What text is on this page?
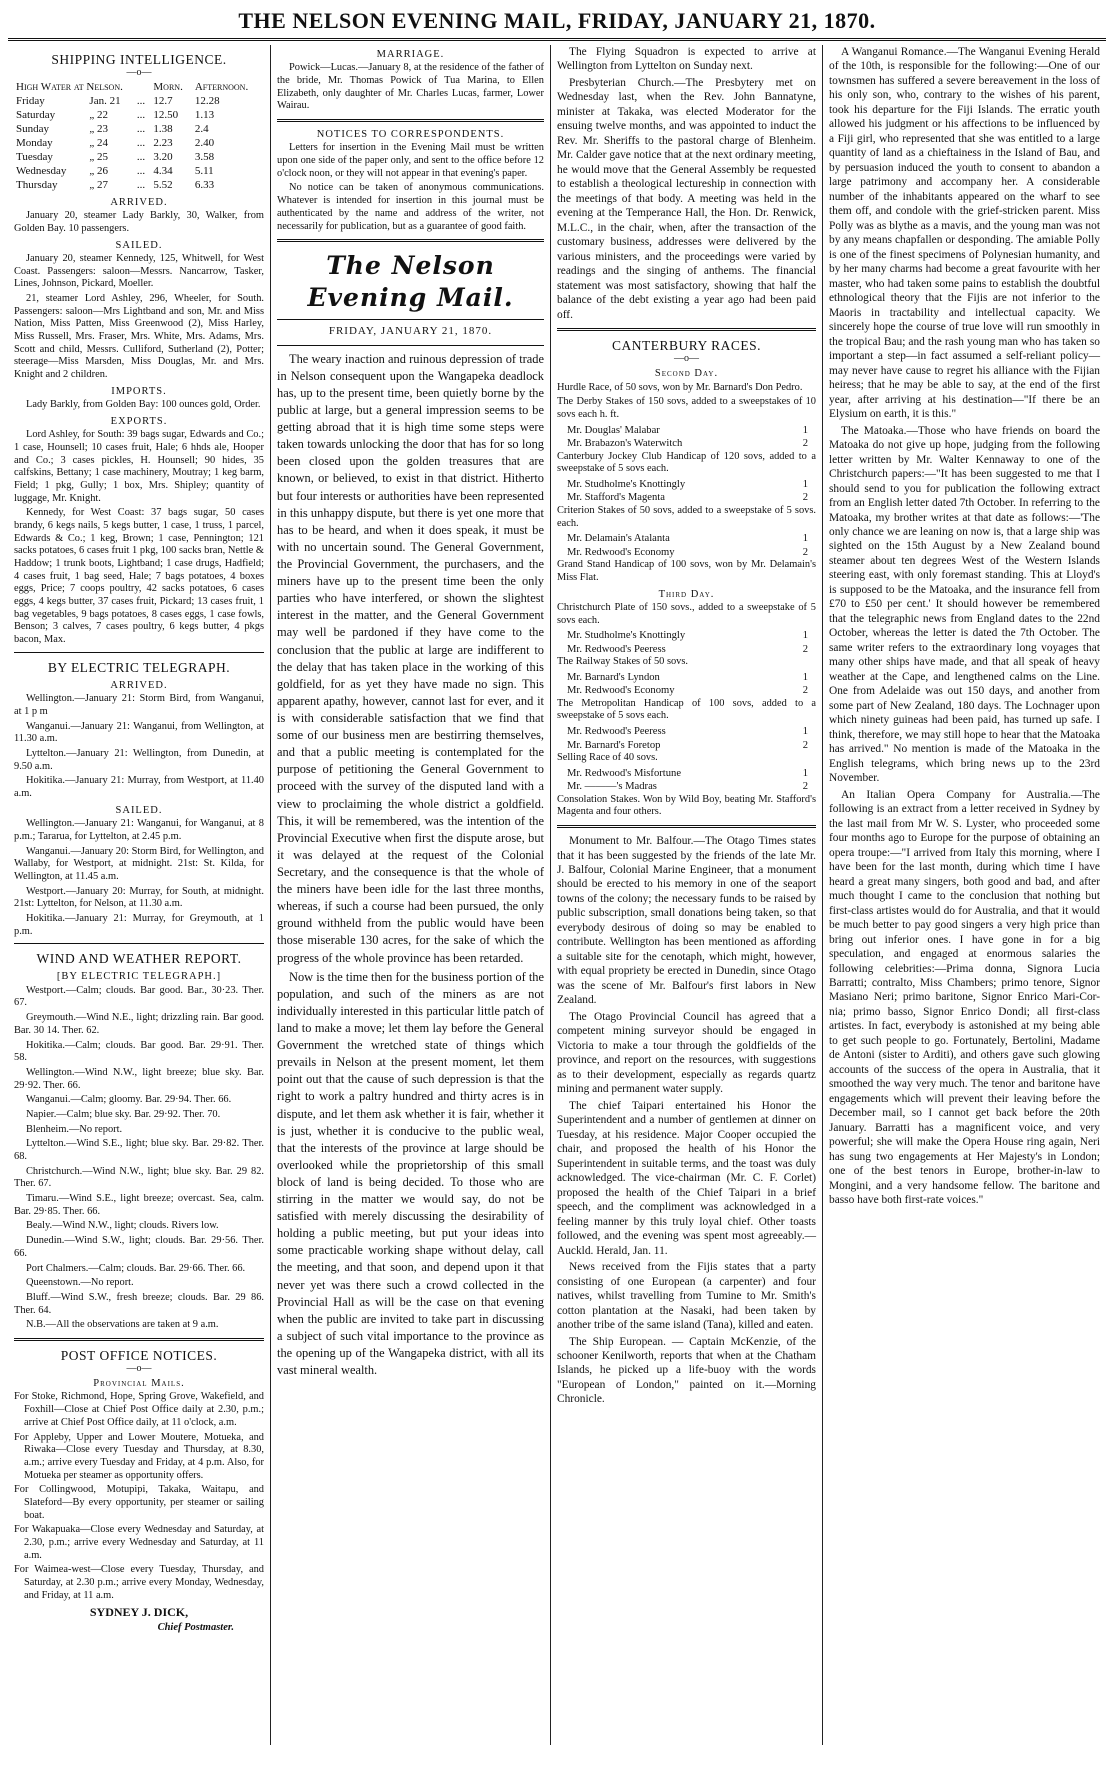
THE NELSON EVENING MAIL, FRIDAY, JANUARY 21, 1870.
SHIPPING INTELLIGENCE.
—o—
High Water at Nelson.			Morn.	Afternoon.
Friday	Jan. 21	...	12.7	12.28
Saturday	„ 22	...	12.50	1.13
Sunday	„ 23	...	1.38	2.4
Monday	„ 24	...	2.23	2.40
Tuesday	„ 25	...	3.20	3.58
Wednesday	„ 26	...	4.34	5.11
Thursday	„ 27	...	5.52	6.33
ARRIVED.

January 20, steamer Lady Barkly, 30, Walker, from Golden Bay. 10 passengers.

SAILED.

January 20, steamer Kennedy, 125, Whitwell, for West Coast. Passengers: saloon—Messrs. Nancarrow, Tasker, Lines, Johnson, Pickard, Moeller.

21, steamer Lord Ashley, 296, Wheeler, for South. Passengers: saloon—Mrs Lightband and son, Mr. and Miss Nation, Miss Patten, Miss Greenwood (2), Miss Harley, Miss Russell, Mrs. Fraser, Mrs. White, Mrs. Adams, Mrs. Scott and child, Messrs. Culliford, Sutherland (2), Potter; steerage—Miss Marsden, Miss Douglas, Mr. and Mrs. Knight and 2 children.

IMPORTS.

Lady Barkly, from Golden Bay: 100 ounces gold, Order.

EXPORTS.

Lord Ashley, for South: 39 bags sugar, Edwards and Co.; 1 case, Hounsell; 10 cases fruit, Hale; 6 hhds ale, Hooper and Co.; 3 cases pickles, H. Hounsell; 90 hides, 35 calfskins, Bettany; 1 case machinery, Moutray; 1 keg barm, Field; 1 pkg, Gully; 1 box, Mrs. Shipley; quantity of luggage, Mr. Knight.

Kennedy, for West Coast: 37 bags sugar, 50 cases brandy, 6 kegs nails, 5 kegs butter, 1 case, 1 truss, 1 parcel, Edwards & Co.; 1 keg, Brown; 1 case, Pennington; 121 sacks potatoes, 6 cases fruit 1 pkg, 100 sacks bran, Nettle & Haddow; 1 trunk boots, Lightband; 1 case drugs, Hadfield; 4 cases fruit, 1 bag seed, Hale; 7 bags potatoes, 4 boxes eggs, Price; 7 coops poultry, 42 sacks potatoes, 6 cases eggs, 4 kegs butter, 37 cases fruit, Pickard; 13 cases fruit, 1 bag vegetables, 9 bags potatoes, 8 cases eggs, 1 case fowls, Benson; 3 calves, 7 cases poultry, 6 kegs butter, 4 pkgs bacon, Max.

BY ELECTRIC TELEGRAPH.
ARRIVED.

Wellington.—January 21: Storm Bird, from Wanganui, at 1 p m

Wanganui.—January 21: Wanganui, from Wellington, at 11.30 a.m.

Lyttelton.—January 21: Wellington, from Dunedin, at 9.50 a.m.

Hokitika.—January 21: Murray, from Westport, at 11.40 a.m.

SAILED.

Wellington.—January 21: Wanganui, for Wanganui, at 8 p.m.; Tararua, for Lyttelton, at 2.45 p.m.

Wanganui.—January 20: Storm Bird, for Wellington, and Wallaby, for Westport, at midnight. 21st: St. Kilda, for Wellington, at 11.45 a.m.

Westport.—January 20: Murray, for South, at midnight. 21st: Lyttelton, for Nelson, at 11.30 a.m.

Hokitika.—January 21: Murray, for Greymouth, at 1 p.m.

WIND AND WEATHER REPORT.
[BY ELECTRIC TELEGRAPH.]

Westport.—Calm; clouds. Bar good. Bar., 30·23. Ther. 67.

Greymouth.—Wind N.E., light; drizzling rain. Bar good. Bar. 30 14. Ther. 62.

Hokitika.—Calm; clouds. Bar good. Bar. 29·91. Ther. 58.

Wellington.—Wind N.W., light breeze; blue sky. Bar. 29·92. Ther. 66.

Wanganui.—Calm; gloomy. Bar. 29·94. Ther. 66.

Napier.—Calm; blue sky. Bar. 29·92. Ther. 70.

Blenheim.—No report.

Lyttelton.—Wind S.E., light; blue sky. Bar. 29·82. Ther. 68.

Christchurch.—Wind N.W., light; blue sky. Bar. 29 82. Ther. 67.

Timaru.—Wind S.E., light breeze; overcast. Sea, calm. Bar. 29·85. Ther. 66.

Bealy.—Wind N.W., light; clouds. Rivers low.

Dunedin.—Wind S.W., light; clouds. Bar. 29·56. Ther. 66.

Port Chalmers.—Calm; clouds. Bar. 29·66. Ther. 66.

Queenstown.—No report.

Bluff.—Wind S.W., fresh breeze; clouds. Bar. 29 86. Ther. 64.

N.B.—All the observations are taken at 9 a.m.

POST OFFICE NOTICES.
—o—
Provincial Mails.

For Stoke, Richmond, Hope, Spring Grove, Wakefield, and Foxhill—Close at Chief Post Office daily at 2.30, p.m.; arrive at Chief Post Office daily, at 11 o'clock, a.m.

For Appleby, Upper and Lower Moutere, Motueka, and Riwaka—Close every Tuesday and Thursday, at 8.30, a.m.; arrive every Tuesday and Friday, at 4 p.m. Also, for Motueka per steamer as opportunity offers.

For Collingwood, Motupipi, Takaka, Waitapu, and Slateford—By every opportunity, per steamer or sailing boat.

For Wakapuaka—Close every Wednesday and Saturday, at 2.30, p.m.; arrive every Wednesday and Saturday, at 11 a.m.

For Waimea-west—Close every Tuesday, Thursday, and Saturday, at 2.30 p.m.; arrive every Monday, Wednesday, and Friday, at 11 a.m.

SYDNEY J. DICK,
Chief Postmaster.
MARRIAGE.

Powick—Lucas.—January 8, at the residence of the father of the bride, Mr. Thomas Powick of Tua Marina, to Ellen Elizabeth, only daughter of Mr. Charles Lucas, farmer, Lower Wairau.

NOTICES TO CORRESPONDENTS.

Letters for insertion in the Evening Mail must be written upon one side of the paper only, and sent to the office before 12 o'clock noon, or they will not appear in that evening's paper.

No notice can be taken of anonymous communications. Whatever is intended for insertion in this journal must be authenticated by the name and address of the writer, not necessarily for publication, but as a guarantee of good faith.

The Nelson Evening Mail.
FRIDAY, JANUARY 21, 1870.

The weary inaction and ruinous depression of trade in Nelson consequent upon the Wangapeka deadlock has, up to the present time, been quietly borne by the public at large, but a general impression seems to be getting abroad that it is high time some steps were taken towards unlocking the door that has for so long been closed upon the golden treasures that are known, or believed, to exist in that district. Hitherto but four interests or authorities have been represented in this unhappy dispute, but there is yet one more that has to be heard, and when it does speak, it must be with no uncertain sound. The General Government, the Provincial Government, the purchasers, and the miners have up to the present time been the only parties who have interfered, or shown the slightest interest in the matter, and the General Government may well be pardoned if they have come to the conclusion that the public at large are indifferent to the delay that has taken place in the working of this goldfield, for as yet they have made no sign. This apparent apathy, however, cannot last for ever, and it is with considerable satisfaction that we find that some of our business men are bestirring themselves, and that a public meeting is contemplated for the purpose of petitioning the General Government to proceed with the survey of the disputed land with a view to proclaiming the whole district a goldfield. This, it will be remembered, was the intention of the Provincial Executive when first the dispute arose, but it was delayed at the request of the Colonial Secretary, and the consequence is that the whole of the miners have been idle for the last three months, whereas, if such a course had been pursued, the only ground withheld from the public would have been those miserable 130 acres, for the sake of which the progress of the whole province has been retarded.

Now is the time then for the business portion of the population, and such of the miners as are not individually interested in this particular little patch of land to make a move; let them lay before the General Government the wretched state of things which prevails in Nelson at the present moment, let them point out that the cause of such depression is that the right to work a paltry hundred and thirty acres is in dispute, and let them ask whether it is fair, whether it is just, whether it is conducive to the public weal, that the interests of the province at large should be overlooked while the proprietorship of this small block of land is being decided. To those who are stirring in the matter we would say, do not be satisfied with merely discussing the desirability of holding a public meeting, but put your ideas into some practicable working shape without delay, call the meeting, and that soon, and depend upon it that never yet was there such a crowd collected in the Provincial Hall as will be the case on that evening when the public are invited to take part in discussing a subject of such vital importance to the province as the opening up of the Wangapeka district, with all its vast mineral wealth.

The Flying Squadron is expected to arrive at Wellington from Lyttelton on Sunday next.

Presbyterian Church.—The Presbytery met on Wednesday last, when the Rev. John Bannatyne, minister at Takaka, was elected Moderator for the ensuing twelve months, and was appointed to induct the Rev. Mr. Sheriffs to the pastoral charge of Blenheim. Mr. Calder gave notice that at the next ordinary meeting, he would move that the General Assembly be requested to establish a theological lectureship in connection with the meetings of that body. A meeting was held in the evening at the Temperance Hall, the Hon. Dr. Renwick, M.L.C., in the chair, when, after the transaction of the customary business, addresses were delivered by the various ministers, and the proceedings were varied by readings and the singing of anthems. The financial statement was most satisfactory, showing that half the balance of the debt existing a year ago had been paid off.

CANTERBURY RACES.
—o—
Second Day.

Hurdle Race, of 50 sovs, won by Mr. Barnard's Don Pedro.

The Derby Stakes of 150 sovs, added to a sweepstakes of 10 sovs each h. ft.

Mr. Douglas' Malabar	1
Mr. Brabazon's Waterwitch	2

Canterbury Jockey Club Handicap of 120 sovs, added to a sweepstake of 5 sovs each.

Mr. Studholme's Knottingly	1
Mr. Stafford's Magenta	2

Criterion Stakes of 50 sovs, added to a sweepstake of 5 sovs. each.

Mr. Delamain's Atalanta	1
Mr. Redwood's Economy	2

Grand Stand Handicap of 100 sovs, won by Mr. Delamain's Miss Flat.

Third Day.

Christchurch Plate of 150 sovs., added to a sweepstake of 5 sovs each.

Mr. Studholme's Knottingly	1
Mr. Redwood's Peeress	2

The Railway Stakes of 50 sovs.

Mr. Barnard's Lyndon	1
Mr. Redwood's Economy	2

The Metropolitan Handicap of 100 sovs, added to a sweepstake of 5 sovs each.

Mr. Redwood's Peeress	1
Mr. Barnard's Foretop	2

Selling Race of 40 sovs.

Mr. Redwood's Misfortune	1
Mr. ———'s Madras	2

Consolation Stakes. Won by Wild Boy, beating Mr. Stafford's Magenta and four others.

Monument to Mr. Balfour.—The Otago Times states that it has been suggested by the friends of the late Mr. J. Balfour, Colonial Marine Engineer, that a monument should be erected to his memory in one of the seaport towns of the colony; the necessary funds to be raised by public subscription, small donations being taken, so that everybody desirous of doing so may be enabled to contribute. Wellington has been mentioned as affording a suitable site for the cenotaph, which might, however, with equal propriety be erected in Dunedin, since Otago was the scene of Mr. Balfour's first labors in New Zealand.

The Otago Provincial Council has agreed that a competent mining surveyor should be engaged in Victoria to make a tour through the goldfields of the province, and report on the resources, with suggestions as to their development, especially as regards quartz mining and permanent water supply.

The chief Taipari entertained his Honor the Superintendent and a number of gentlemen at dinner on Tuesday, at his residence. Major Cooper occupied the chair, and proposed the health of his Honor the Superintendent in suitable terms, and the toast was duly acknowledged. The vice-chairman (Mr. C. F. Corlet) proposed the health of the Chief Taipari in a brief speech, and the compliment was acknowledged in a feeling manner by this truly loyal chief. Other toasts followed, and the evening was spent most agreeably.—Auckld. Herald, Jan. 11.

News received from the Fijis states that a party consisting of one European (a carpenter) and four natives, whilst travelling from Tumine to Mr. Smith's cotton plantation at the Nasaki, had been taken by another tribe of the same island (Tana), killed and eaten.

The Ship European. — Captain McKenzie, of the schooner Kenilworth, reports that when at the Chatham Islands, he picked up a life-buoy with the words "European of London," painted on it.—Morning Chronicle.

A Wanganui Romance.—The Wanganui Evening Herald of the 10th, is responsible for the following:—One of our townsmen has suffered a severe bereavement in the loss of his only son, who, contrary to the wishes of his parent, took his departure for the Fiji Islands. The erratic youth allowed his judgment or his affections to be influenced by a Fiji girl, who represented that she was entitled to a large quantity of land as a chieftainess in the Island of Bau, and by persuasion induced the youth to consent to abandon a large patrimony and accompany her. A considerable number of the inhabitants appeared on the wharf to see them off, and condole with the grief-stricken parent. Miss Polly was as blythe as a mavis, and the young man was not by any means chapfallen or desponding. The amiable Polly is one of the finest specimens of Polynesian humanity, and by her many charms had become a great favourite with her master, who had taken some pains to establish the doubtful ethnological theory that the Fijis are not inferior to the Maoris in tractability and intellectual capacity. We sincerely hope the course of true love will run smoothly in the tropical Bau; and the rash young man who has taken so important a step—in fact assumed a self-reliant policy—may never have cause to regret his alliance with the Fijian heiress; that he may be able to say, at the end of the first year, after arriving at his destination—"If there be an Elysium on earth, it is this."

The Matoaka.—Those who have friends on board the Matoaka do not give up hope, judging from the following letter written by Mr. Walter Kennaway to one of the Christchurch papers:—"It has been suggested to me that I should send to you for publication the following extract from an English letter dated 7th October. In referring to the Matoaka, my brother writes at that date as follows:—'The only chance we are leaning on now is, that a large ship was sighted on the 15th August by a New Zealand bound steamer about ten degrees West of the Western Islands steering east, with only foremast standing. This at Lloyd's is supposed to be the Matoaka, and the insurance fell from £70 to £50 per cent.' It should however be remembered that the telegraphic news from England dates to the 22nd October, whereas the letter is dated the 7th October. The same writer refers to the extraordinary long voyages that many other ships have made, and that all speak of heavy weather at the Cape, and lengthened calms on the Line. One from Adelaide was out 150 days, and another from some part of New Zealand, 180 days. The Lochnager upon which ninety guineas had been paid, has turned up safe. I think, therefore, we may still hope to hear that the Matoaka has arrived." No mention is made of the Matoaka in the English telegrams, which bring news up to the 23rd November.

An Italian Opera Company for Australia.—The following is an extract from a letter received in Sydney by the last mail from Mr W. S. Lyster, who proceeded some four months ago to Europe for the purpose of obtaining an opera troupe:—"I arrived from Italy this morning, where I have been for the last month, during which time I have heard a great many singers, both good and bad, and after much thought I came to the conclusion that nothing but first-class artistes would do for Australia, and that it would be much better to pay good singers a very high price than bring out inferior ones. I have gone in for a big speculation, and engaged at enormous salaries the following celebrities:—Prima donna, Signora Lucia Barratti; contralto, Miss Chambers; primo tenore, Signor Masiano Neri; primo baritone, Signor Enrico Mari-Cor-nia; primo basso, Signor Enrico Dondi; all first-class artistes. In fact, everybody is astonished at my being able to get such people to go. Fortunately, Bertolini, Madame de Antoni (sister to Arditi), and others gave such glowing accounts of the success of the opera in Australia, that it smoothed the way very much. The tenor and baritone have engagements which will prevent their leaving before the December mail, so I cannot get back before the 20th January. Barratti has a magnificent voice, and very powerful; she will make the Opera House ring again, Neri has sung two engagements at Her Majesty's in London; one of the best tenors in Europe, brother-in-law to Mongini, and a very handsome fellow. The baritone and basso have both first-rate voices."
